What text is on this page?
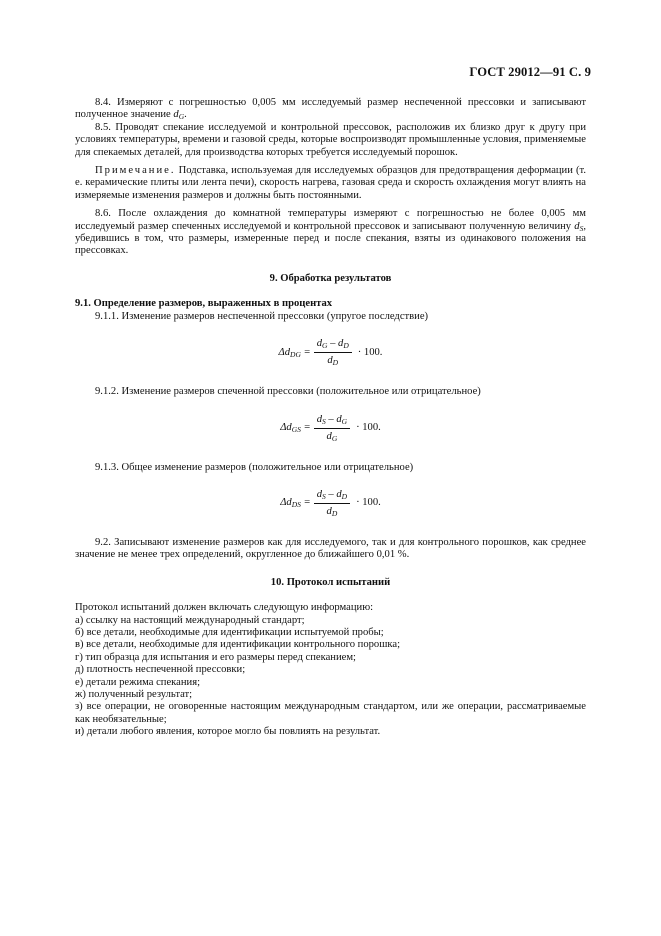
ГОСТ 29012—91 С. 9

8.4. Измеряют с погрешностью 0,005 мм исследуемый размер неспеченной прессовки и записывают полученное значение $d_G$.

8.5. Проводят спекание исследуемой и контрольной прессовок, расположив их близко друг к другу при условиях температуры, времени и газовой среды, которые воспроизводят промышленные условия, применяемые для спекаемых деталей, для производства которых требуется исследуемый порошок.

Примечание. Подставка, используемая для исследуемых образцов для предотвращения деформации (т. е. керамические плиты или лента печи), скорость нагрева, газовая среда и скорость охлаждения могут влиять на измеряемые изменения размеров и должны быть постоянными.

8.6. После охлаждения до комнатной температуры измеряют с погрешностью не более 0,005 мм исследуемый размер спеченных исследуемой и контрольной прессовок и записывают полученную величину $d_S$, убедившись в том, что размеры, измеренные перед и после спекания, взяты из одинакового положения на прессовках.

9. Обработка результатов

9.1. Определение размеров, выраженных в процентах

9.1.1. Изменение размеров неспеченной прессовки (упругое последствие)

$\Delta d_{DG} = \frac{d_G - d_D}{d_D} \cdot 100$.

9.1.2. Изменение размеров спеченной прессовки (положительное или отрицательное)

$\Delta d_{GS} = \frac{d_S - d_G}{d_G} \cdot 100$.

9.1.3. Общее изменение размеров (положительное или отрицательное)

$\Delta d_{DS} = \frac{d_S - d_D}{d_D} \cdot 100$.

9.2. Записывают изменение размеров как для исследуемого, так и для контрольного порошков, как среднее значение не менее трех определений, округленное до ближайшего 0,01 %.

10. Протокол испытаний

Протокол испытаний должен включать следующую информацию:

а) ссылку на настоящий международный стандарт;

б) все детали, необходимые для идентификации испытуемой пробы;

в) все детали, необходимые для идентификации контрольного порошка;

г) тип образца для испытания и его размеры перед спеканием;

д) плотность неспеченной прессовки;

е) детали режима спекания;

ж) полученный результат;

з) все операции, не оговоренные настоящим международным стандартом, или же операции, рассматриваемые как необязательные;

и) детали любого явления, которое могло бы повлиять на результат.
